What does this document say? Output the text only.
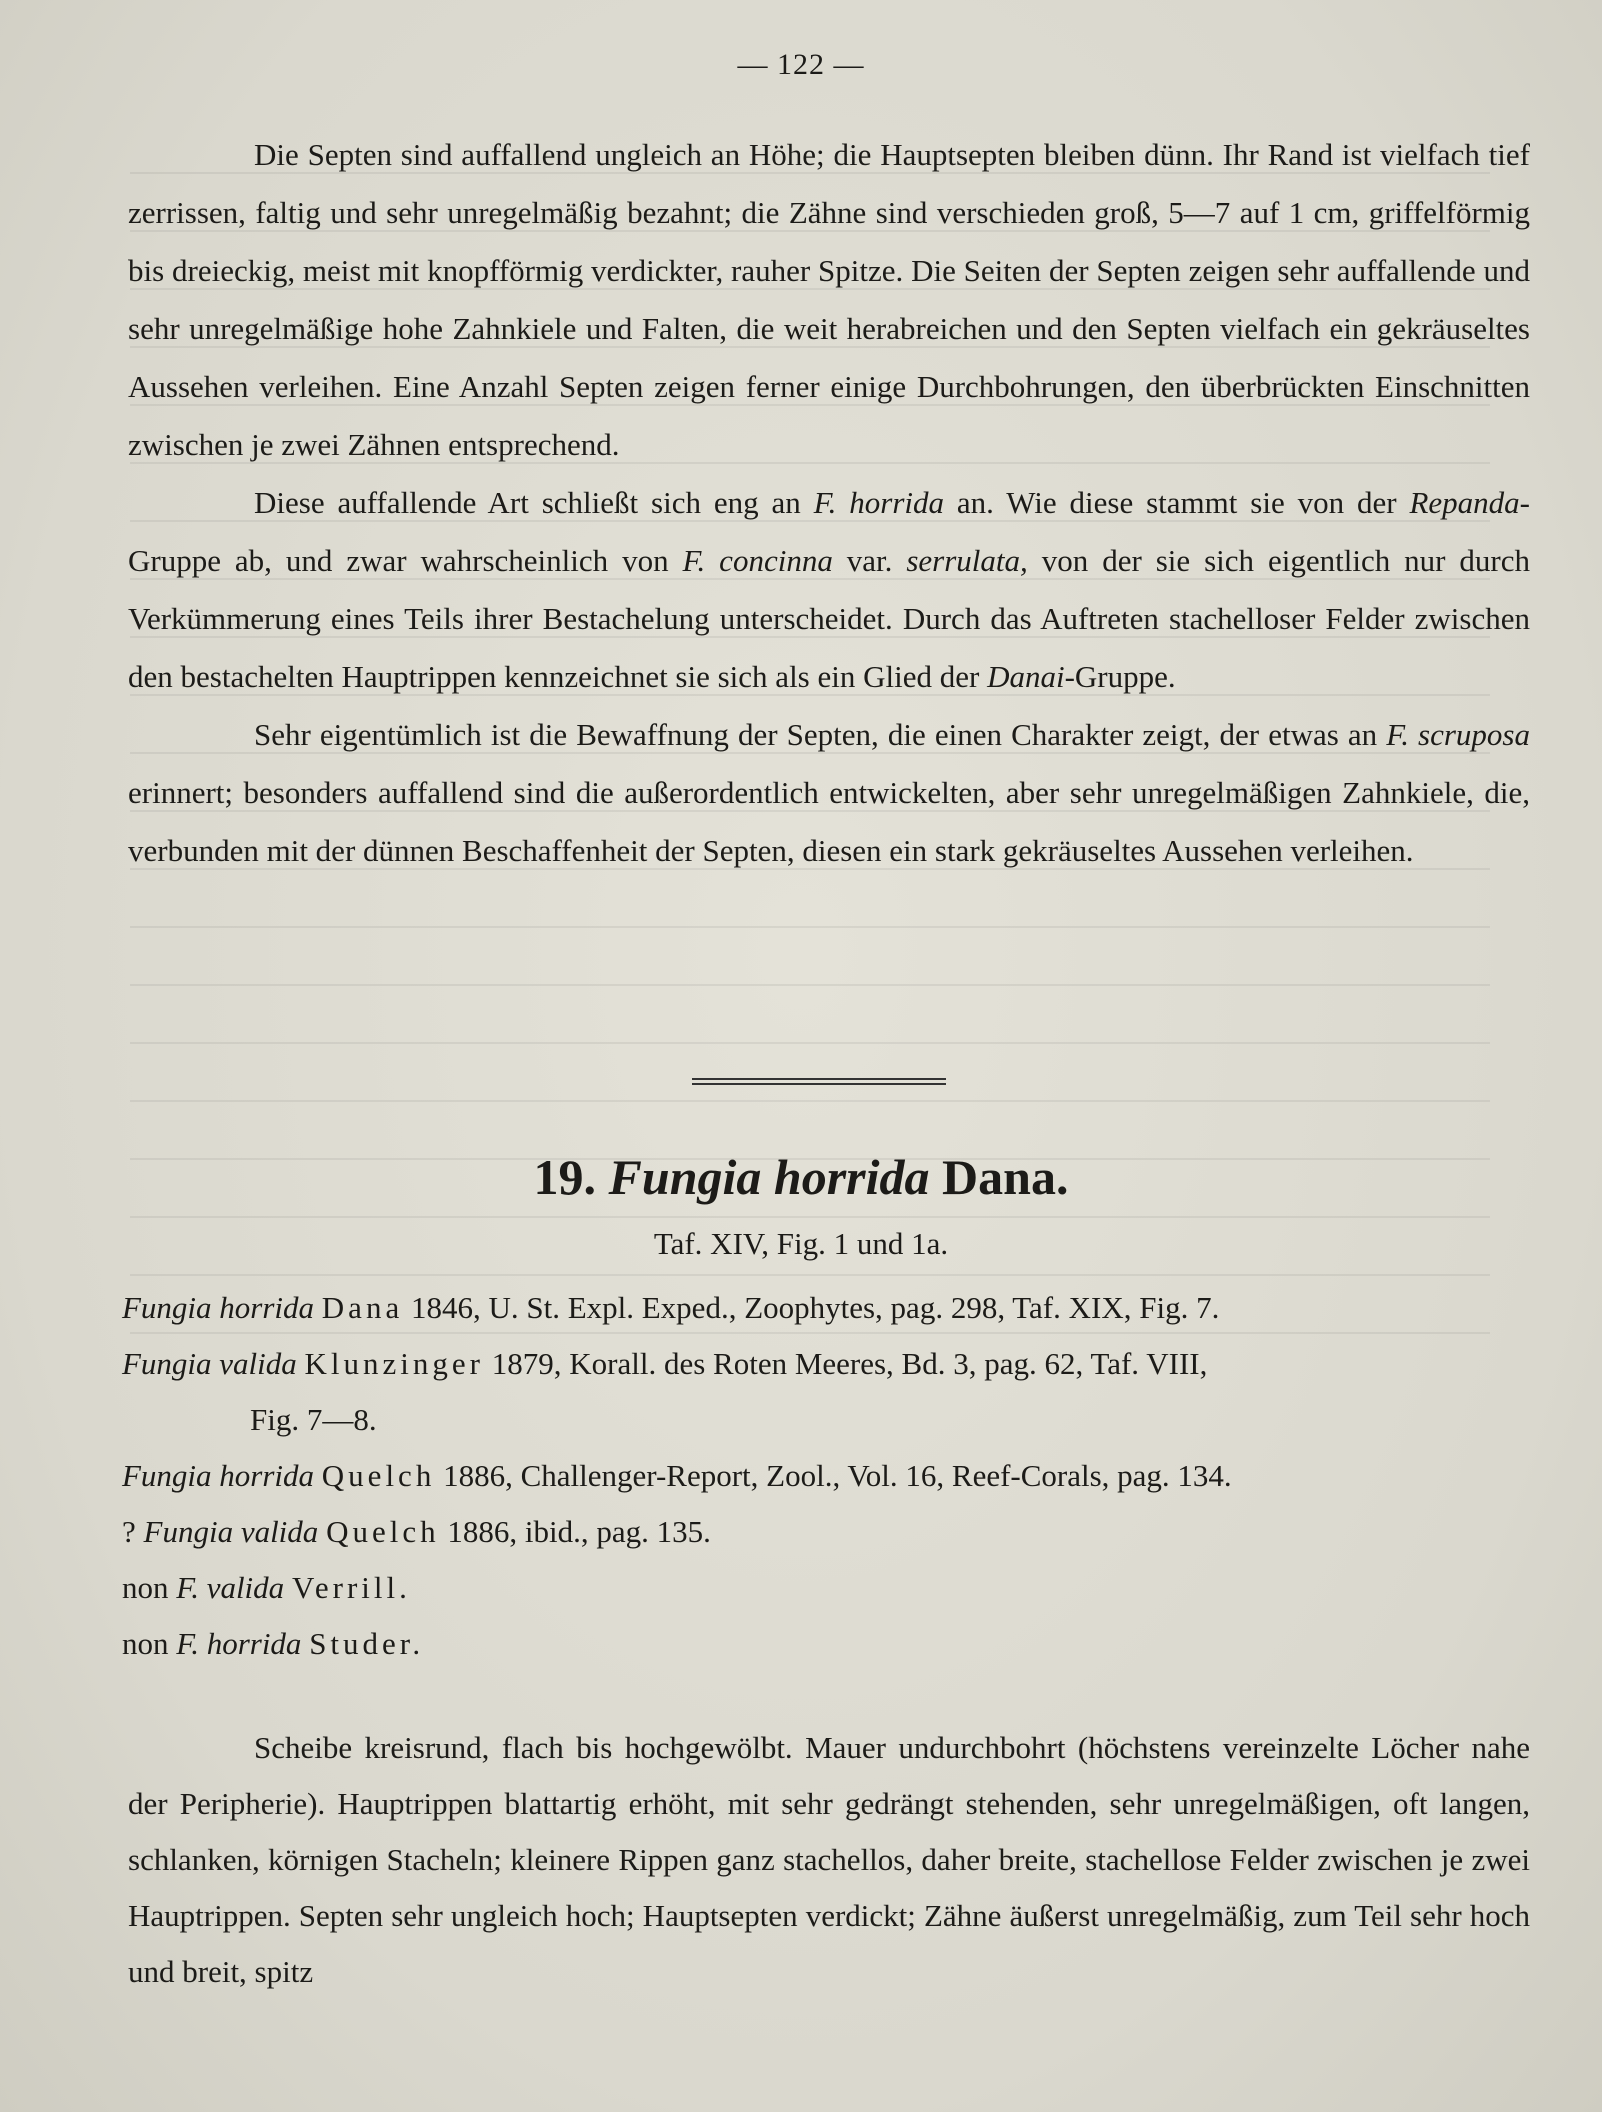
— 122 —

Die Septen sind auffallend ungleich an Höhe; die Hauptsepten bleiben dünn. Ihr Rand ist vielfach tief zerrissen, faltig und sehr unregelmäßig bezahnt; die Zähne sind verschieden groß, 5—7 auf 1 cm, griffelförmig bis dreieckig, meist mit knopfförmig verdickter, rauher Spitze. Die Seiten der Septen zeigen sehr auffallende und sehr unregelmäßige hohe Zahnkiele und Falten, die weit herabreichen und den Septen vielfach ein gekräuseltes Aussehen verleihen. Eine Anzahl Septen zeigen ferner einige Durchbohrungen, den überbrückten Einschnitten zwischen je zwei Zähnen entsprechend.

Diese auffallende Art schließt sich eng an F. horrida an. Wie diese stammt sie von der Repanda-Gruppe ab, und zwar wahrscheinlich von F. concinna var. serrulata, von der sie sich eigentlich nur durch Verkümmerung eines Teils ihrer Bestachelung unterscheidet. Durch das Auftreten stachelloser Felder zwischen den bestachelten Hauptrippen kennzeichnet sie sich als ein Glied der Danai-Gruppe.

Sehr eigentümlich ist die Bewaffnung der Septen, die einen Charakter zeigt, der etwas an F. scruposa erinnert; besonders auffallend sind die außerordentlich entwickelten, aber sehr unregelmäßigen Zahnkiele, die, verbunden mit der dünnen Beschaffenheit der Septen, diesen ein stark gekräuseltes Aussehen verleihen.

19. Fungia horrida Dana.
Taf. XIV, Fig. 1 und 1a.
Fungia horrida Dana 1846, U. St. Expl. Exped., Zoophytes, pag. 298, Taf. XIX, Fig. 7.
Fungia valida Klunzinger 1879, Korall. des Roten Meeres, Bd. 3, pag. 62, Taf. VIII,
Fig. 7—8.
Fungia horrida Quelch 1886, Challenger-Report, Zool., Vol. 16, Reef-Corals, pag. 134.
? Fungia valida Quelch 1886, ibid., pag. 135.
non F. valida Verrill.
non F. horrida Studer.

Scheibe kreisrund, flach bis hochgewölbt. Mauer undurchbohrt (höchstens vereinzelte Löcher nahe der Peripherie). Hauptrippen blattartig erhöht, mit sehr gedrängt stehenden, sehr unregelmäßigen, oft langen, schlanken, körnigen Stacheln; kleinere Rippen ganz stachellos, daher breite, stachellose Felder zwischen je zwei Hauptrippen. Septen sehr ungleich hoch; Hauptsepten verdickt; Zähne äußerst unregelmäßig, zum Teil sehr hoch und breit, spitz
